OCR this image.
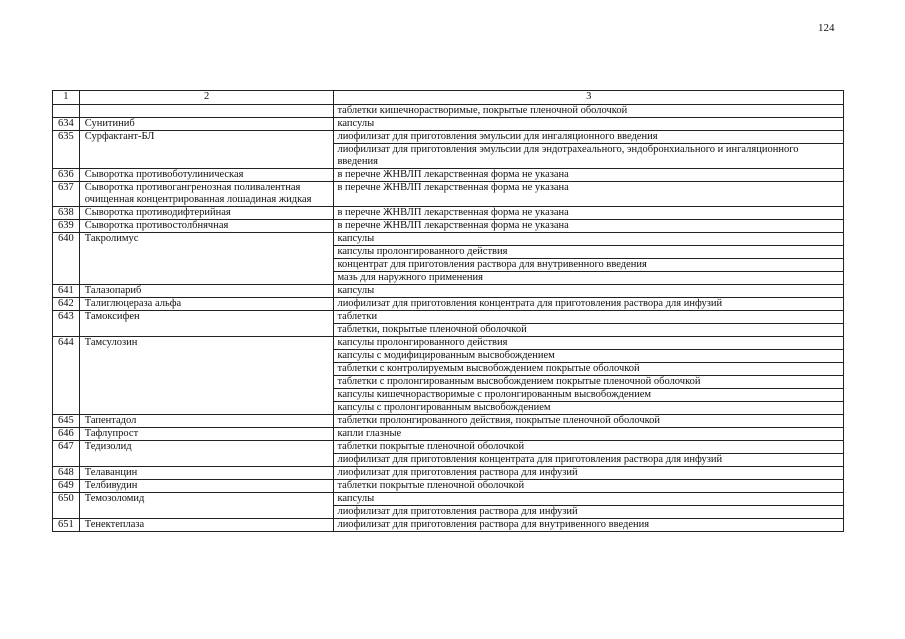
124
1	2	3
		таблетки кишечнорастворимые, покрытые пленочной оболочкой
634	Сунитиниб	капсулы
635	Сурфактант-БЛ	лиофилизат для приготовления эмульсии для ингаляционного введения
		лиофилизат для приготовления эмульсии для эндотрахеального, эндобронхиального и ингаляционного введения
636	Сыворотка противоботулиническая	в перечне ЖНВЛП лекарственная форма не указана
637	Сыворотка противогангренозная поливалентная очищенная концентрированная лошадиная жидкая	в перечне ЖНВЛП лекарственная форма не указана
638	Сыворотка противодифтерийная	в перечне ЖНВЛП лекарственная форма не указана
639	Сыворотка противостолбнячная	в перечне ЖНВЛП лекарственная форма не указана
640	Такролимус	капсулы
		капсулы пролонгированного действия
		концентрат для приготовления раствора для внутривенного введения
		мазь для наружного применения
641	Талазопариб	капсулы
642	Талиглюцераза альфа	лиофилизат для приготовления концентрата для приготовления раствора для инфузий
643	Тамоксифен	таблетки
		таблетки, покрытые пленочной оболочкой
644	Тамсулозин	капсулы пролонгированного действия
		капсулы с модифицированным высвобождением
		таблетки с контролируемым высвобождением покрытые оболочкой
		таблетки с пролонгированным высвобождением покрытые пленочной оболочкой
		капсулы кишечнорастворимые с пролонгированным высвобождением
		капсулы с пролонгированным высвобождением
645	Тапентадол	таблетки пролонгированного действия, покрытые пленочной оболочкой
646	Тафлупрост	капли глазные
647	Тедизолид	таблетки покрытые пленочной оболочкой
		лиофилизат для приготовления концентрата для приготовления раствора для инфузий
648	Телаванцин	лиофилизат для приготовления раствора для инфузий
649	Телбивудин	таблетки покрытые пленочной оболочкой
650	Темозоломид	капсулы
		лиофилизат для приготовления раствора для инфузий
651	Тенектеплаза	лиофилизат для приготовления раствора для внутривенного введения
